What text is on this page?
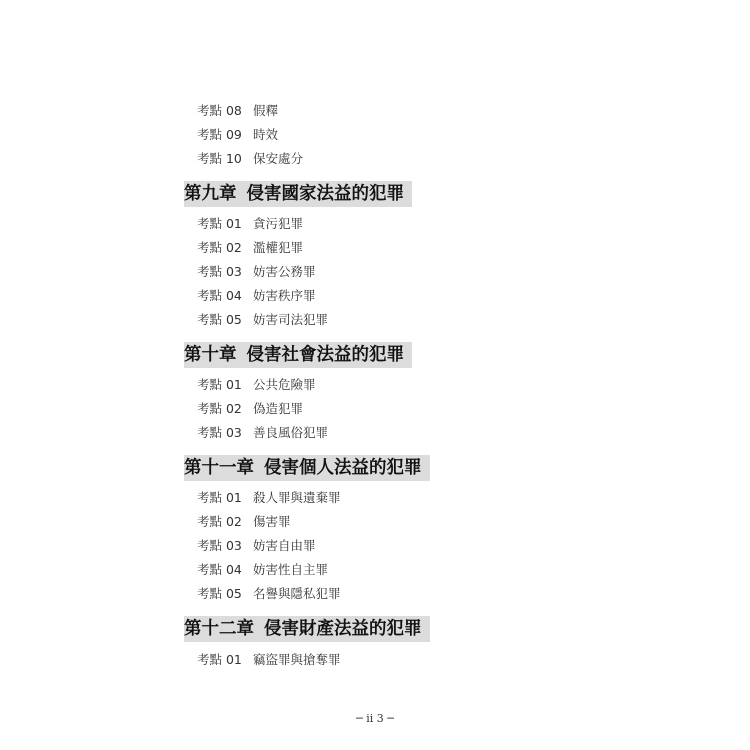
考點 08 假釋
考點 09 時效
考點 10 保安處分
第九章 侵害國家法益的犯罪
考點 01 貪污犯罪
考點 02 濫權犯罪
考點 03 妨害公務罪
考點 04 妨害秩序罪
考點 05 妨害司法犯罪
第十章 侵害社會法益的犯罪
考點 01 公共危險罪
考點 02 偽造犯罪
考點 03 善良風俗犯罪
第十一章 侵害個人法益的犯罪
考點 01 殺人罪與遺棄罪
考點 02 傷害罪
考點 03 妨害自由罪
考點 04 妨害性自主罪
考點 05 名譽與隱私犯罪
第十二章 侵害財產法益的犯罪
考點 01 竊盜罪與搶奪罪
─ ii 3 ─
